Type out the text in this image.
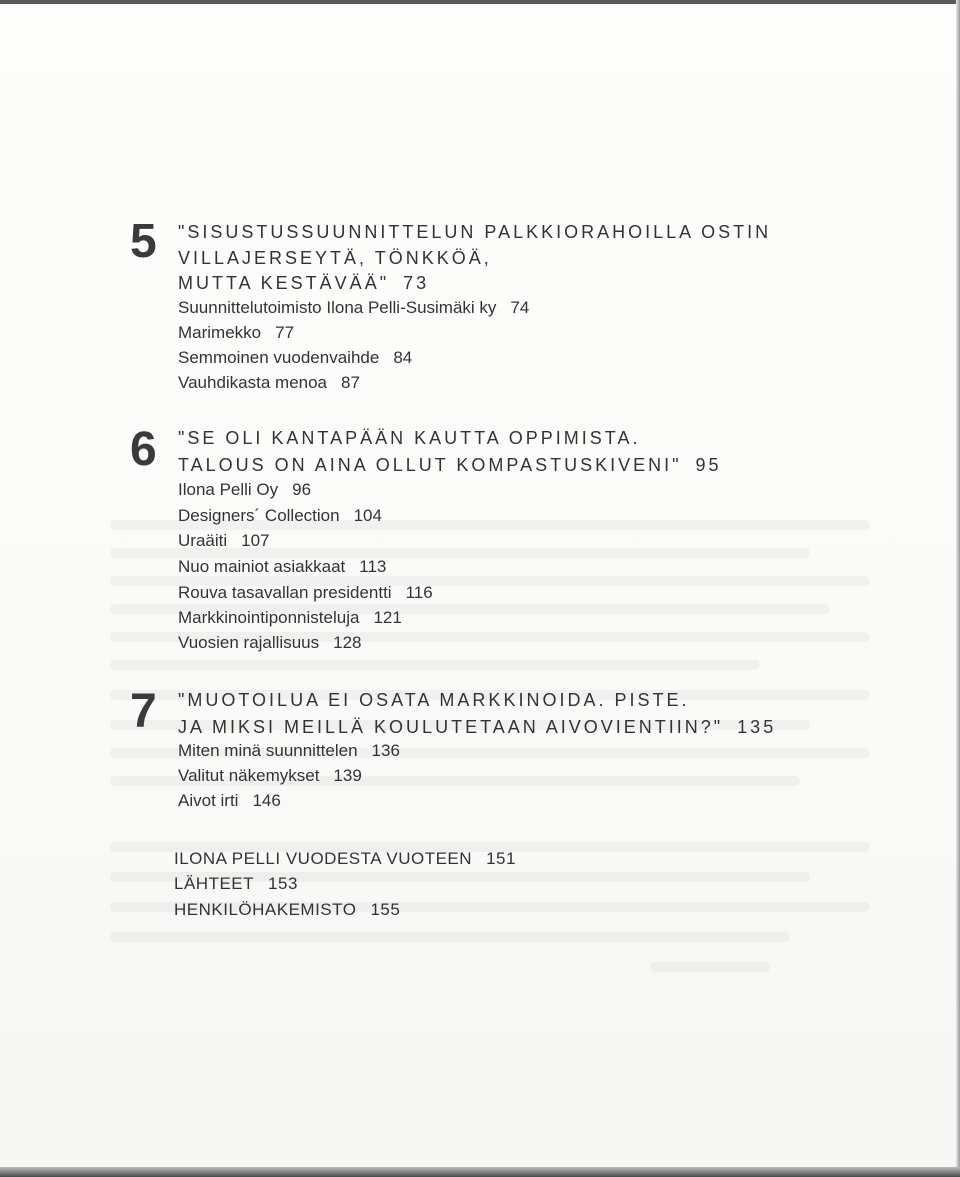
5 "SISUSTUSSUUNNITTELUN PALKKIORAHOILLA OSTIN
VILLAJERSEYTÄ, TÖNKKÖÄ,
MUTTA KESTÄVÄÄ" 73
Suunnittelutoimisto Ilona Pelli-Susimäki ky 74
Marimekko 77
Semmoinen vuodenvaihde 84
Vauhdikasta menoa 87
6 "SE OLI KANTAPÄÄN KAUTTA OPPIMISTA.
TALOUS ON AINA OLLUT KOMPASTUSKIVENI" 95
Ilona Pelli Oy 96
Designers´ Collection 104
Uraäiti 107
Nuo mainiot asiakkaat 113
Rouva tasavallan presidentti 116
Markkinointiponnisteluja 121
Vuosien rajallisuus 128
7 "MUOTOILUA EI OSATA MARKKINOIDA. PISTE.
JA MIKSI MEILLÄ KOULUTETAAN AIVOVIENTIIN?" 135
Miten minä suunnittelen 136
Valitut näkemykset 139
Aivot irti 146
ILONA PELLI VUODESTA VUOTEEN 151
LÄHTEET 153
HENKILÖHAKEMISTO 155
